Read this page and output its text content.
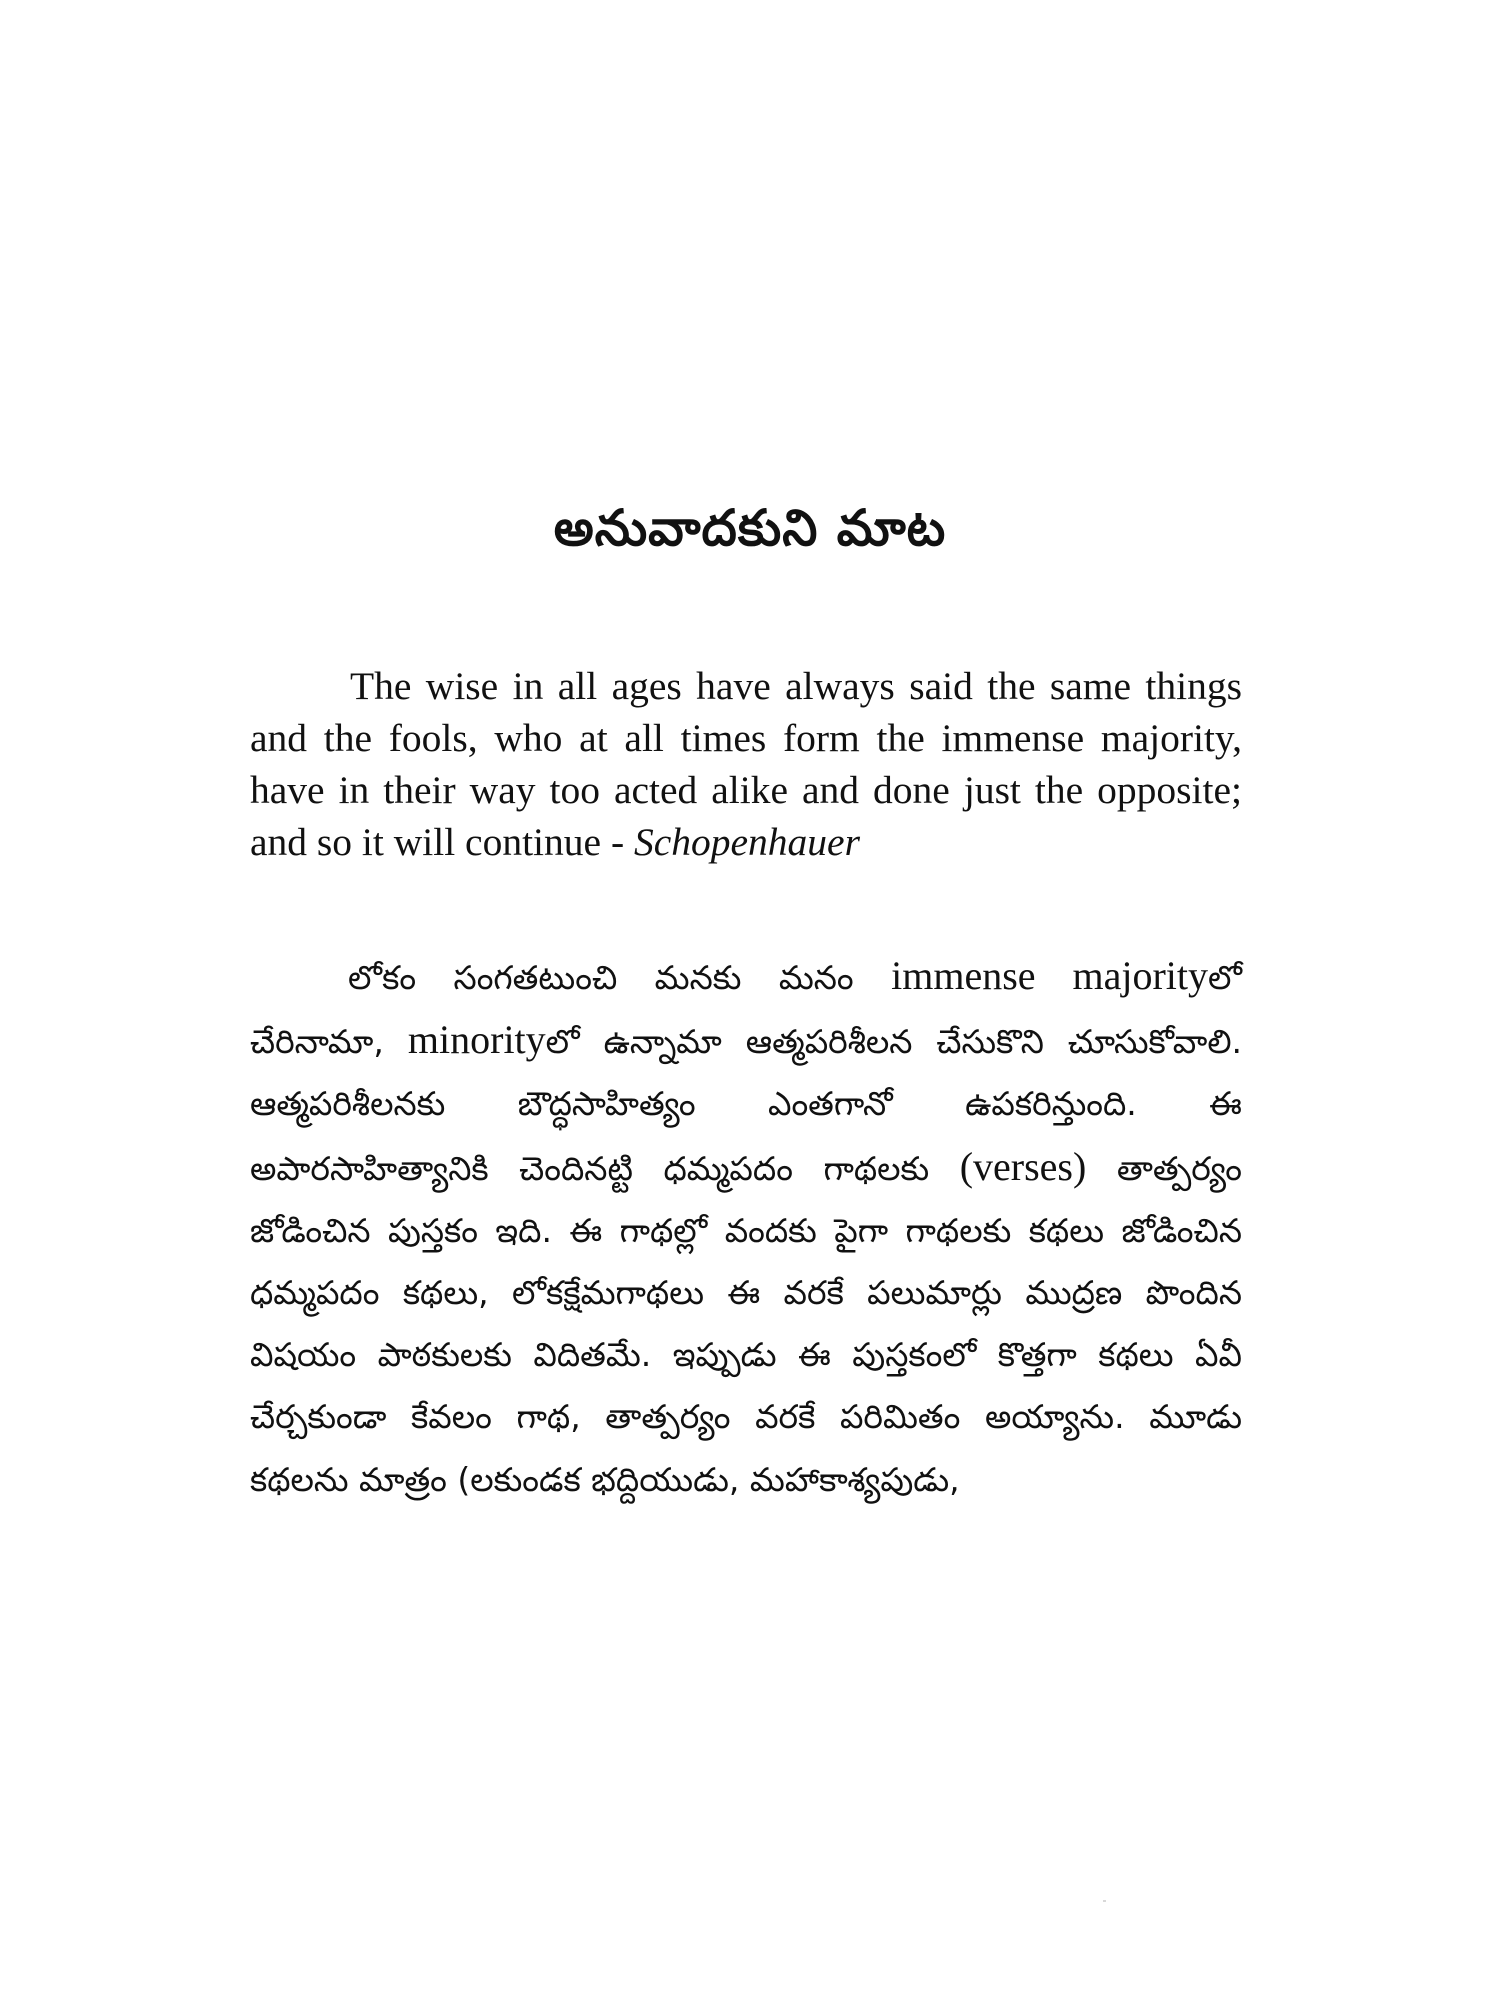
అనువాదకుని మాట

The wise in all ages have always said the same things and the fools, who at all times form the immense majority, have in their way too acted alike and done just the opposite; and so it will continue - Schopenhauer

లోకం సంగతటుంచి మనకు మనం immense majorityలో చేరినామా, minorityలో ఉన్నామా ఆత్మపరిశీలన చేసుకొని చూసుకోవాలి. ఆత్మపరిశీలనకు బౌద్ధసాహిత్యం ఎంతగానో ఉపకరిన్తుంది. ఈ అపారసాహిత్యానికి చెందినట్టి ధమ్మపదం గాథలకు (verses) తాత్పర్యం జోడించిన పుస్తకం ఇది. ఈ గాథల్లో వందకు పైగా గాథలకు కథలు జోడించిన ధమ్మపదం కథలు, లోకక్షేమగాథలు ఈ వరకే పలుమార్లు ముద్రణ పొందిన విషయం పాఠకులకు విదితమే. ఇప్పుడు ఈ పుస్తకంలో కొత్తగా కథలు ఏవీ చేర్చకుండా కేవలం గాథ, తాత్పర్యం వరకే పరిమితం అయ్యాను. మూడు కథలను మాత్రం (లకుండక భద్దియుడు, మహాకాశ్యపుడు,
